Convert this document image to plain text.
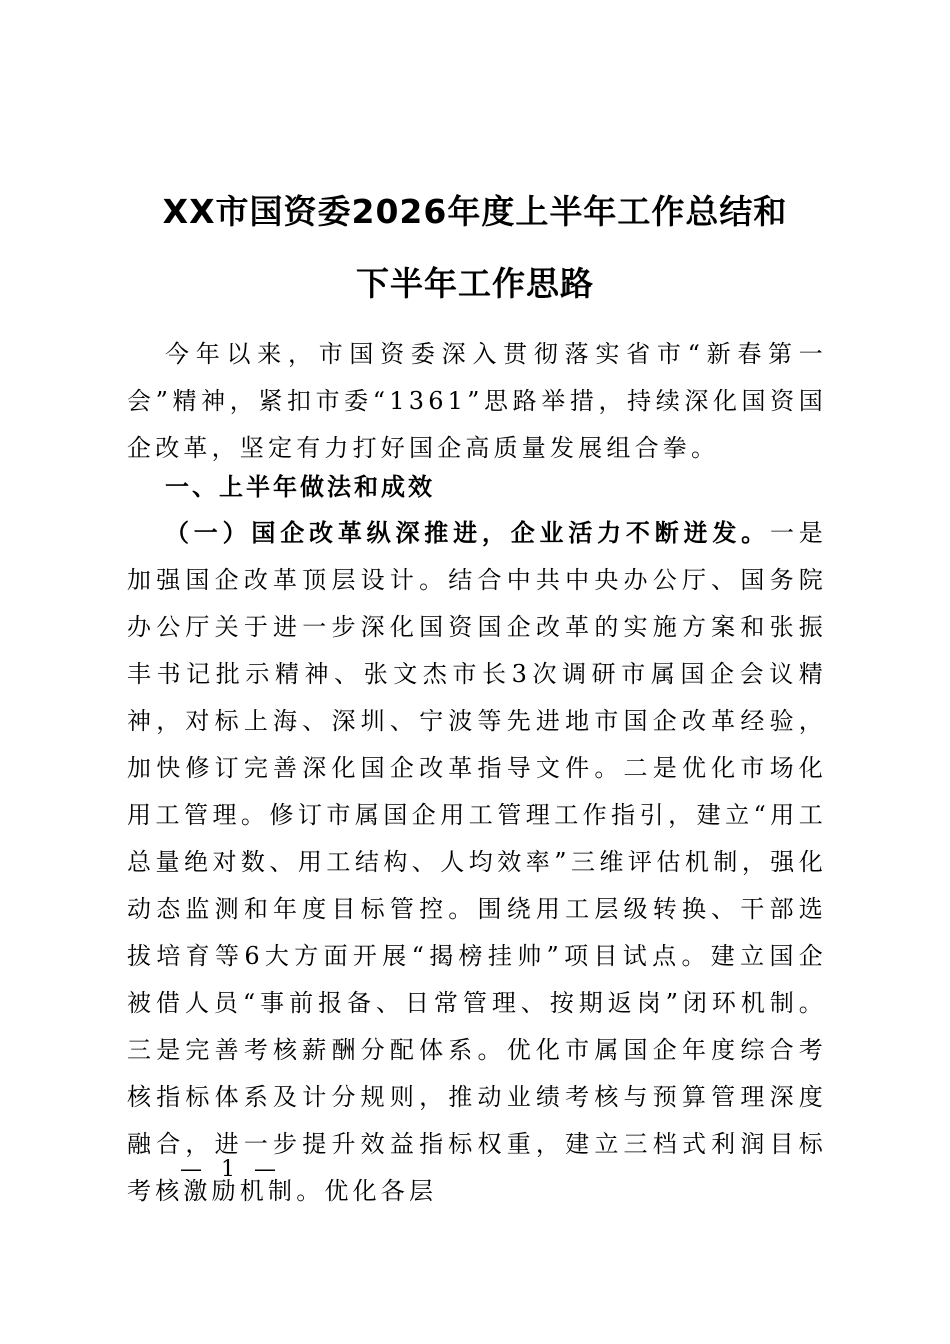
XX市国资委2026年度上半年工作总结和
下半年工作思路

今年以来，市国资委深入贯彻落实省市“新春第一会”精神，紧扣市委“1361”思路举措，持续深化国资国企改革，坚定有力打好国企高质量发展组合拳。

一、上半年做法和成效

（一）国企改革纵深推进，企业活力不断迸发。一是加强国企改革顶层设计。结合中共中央办公厅、国务院办公厅关于进一步深化国资国企改革的实施方案和张振丰书记批示精神、张文杰市长3次调研市属国企会议精神，对标上海、深圳、宁波等先进地市国企改革经验，加快修订完善深化国企改革指导文件。二是优化市场化用工管理。修订市属国企用工管理工作指引，建立“用工总量绝对数、用工结构、人均效率”三维评估机制，强化动态监测和年度目标管控。围绕用工层级转换、干部选拔培育等6大方面开展“揭榜挂帅”项目试点。建立国企被借人员“事前报备、日常管理、按期返岗”闭环机制。三是完善考核薪酬分配体系。优化市属国企年度综合考核指标体系及计分规则，推动业绩考核与预算管理深度融合，进一步提升效益指标权重，建立三档式利润目标考核激励机制。优化各层

— 1 —
